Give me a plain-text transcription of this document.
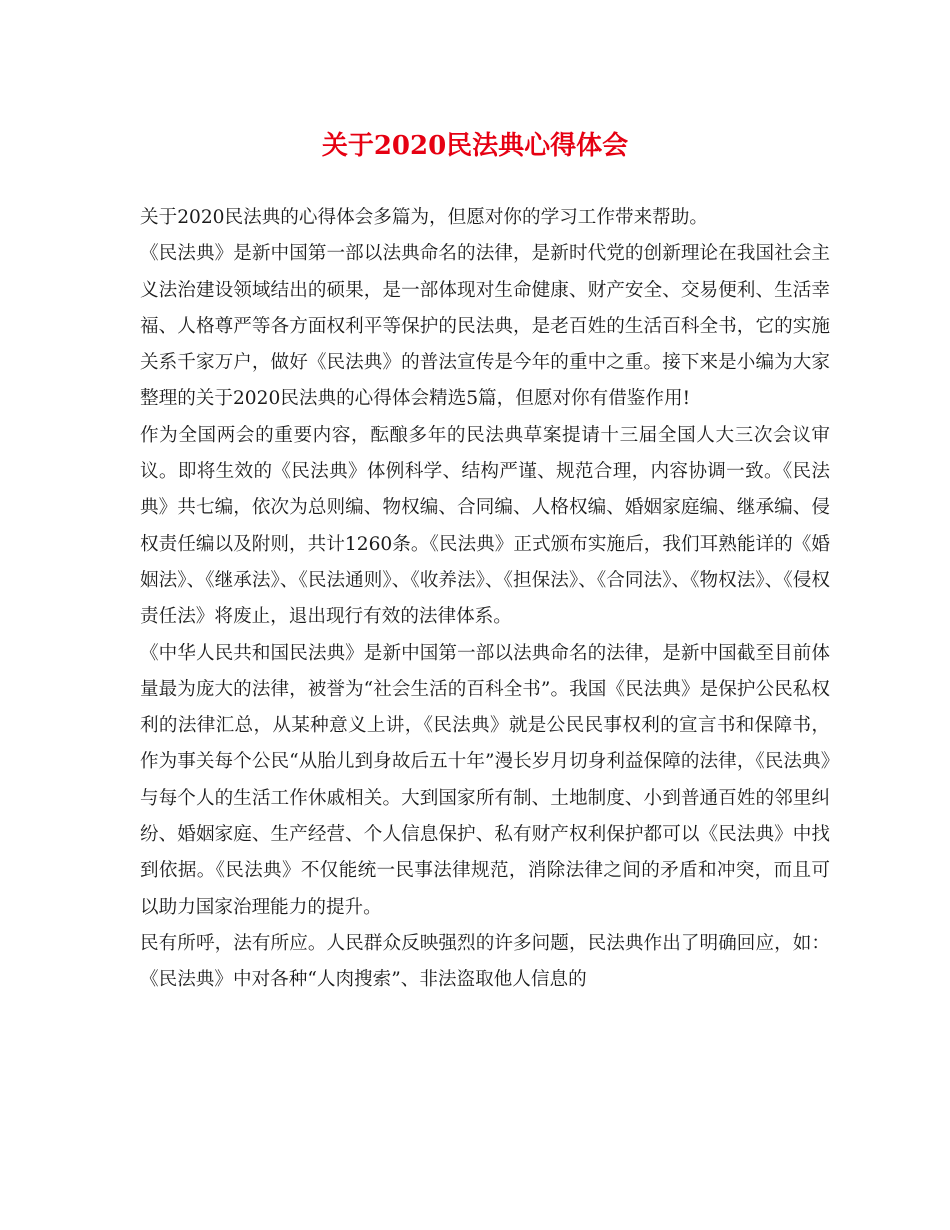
关于2020民法典心得体会

关于2020民法典的心得体会多篇为，但愿对你的学习工作带来帮助。

《民法典》是新中国第一部以法典命名的法律，是新时代党的创新理论在我国社会主义法治建设领域结出的硕果，是一部体现对生命健康、财产安全、交易便利、生活幸福、人格尊严等各方面权利平等保护的民法典，是老百姓的生活百科全书，它的实施关系千家万户，做好《民法典》的普法宣传是今年的重中之重。接下来是小编为大家整理的关于2020民法典的心得体会精选5篇，但愿对你有借鉴作用!

作为全国两会的重要内容，酝酿多年的民法典草案提请十三届全国人大三次会议审议。即将生效的《民法典》体例科学、结构严谨、规范合理，内容协调一致。《民法典》共七编，依次为总则编、物权编、合同编、人格权编、婚姻家庭编、继承编、侵权责任编以及附则，共计1260条。《民法典》正式颁布实施后，我们耳熟能详的《婚姻法》、《继承法》、《民法通则》、《收养法》、《担保法》、《合同法》、《物权法》、《侵权责任法》将废止，退出现行有效的法律体系。

《中华人民共和国民法典》是新中国第一部以法典命名的法律，是新中国截至目前体量最为庞大的法律，被誉为“社会生活的百科全书”。我国《民法典》是保护公民私权利的法律汇总，从某种意义上讲，《民法典》就是公民民事权利的宣言书和保障书，作为事关每个公民“从胎儿到身故后五十年”漫长岁月切身利益保障的法律，《民法典》与每个人的生活工作休戚相关。大到国家所有制、土地制度、小到普通百姓的邻里纠纷、婚姻家庭、生产经营、个人信息保护、私有财产权利保护都可以《民法典》中找到依据。《民法典》不仅能统一民事法律规范，消除法律之间的矛盾和冲突，而且可以助力国家治理能力的提升。

民有所呼，法有所应。人民群众反映强烈的许多问题，民法典作出了明确回应，如：《民法典》中对各种“人肉搜索”、非法盗取他人信息的
